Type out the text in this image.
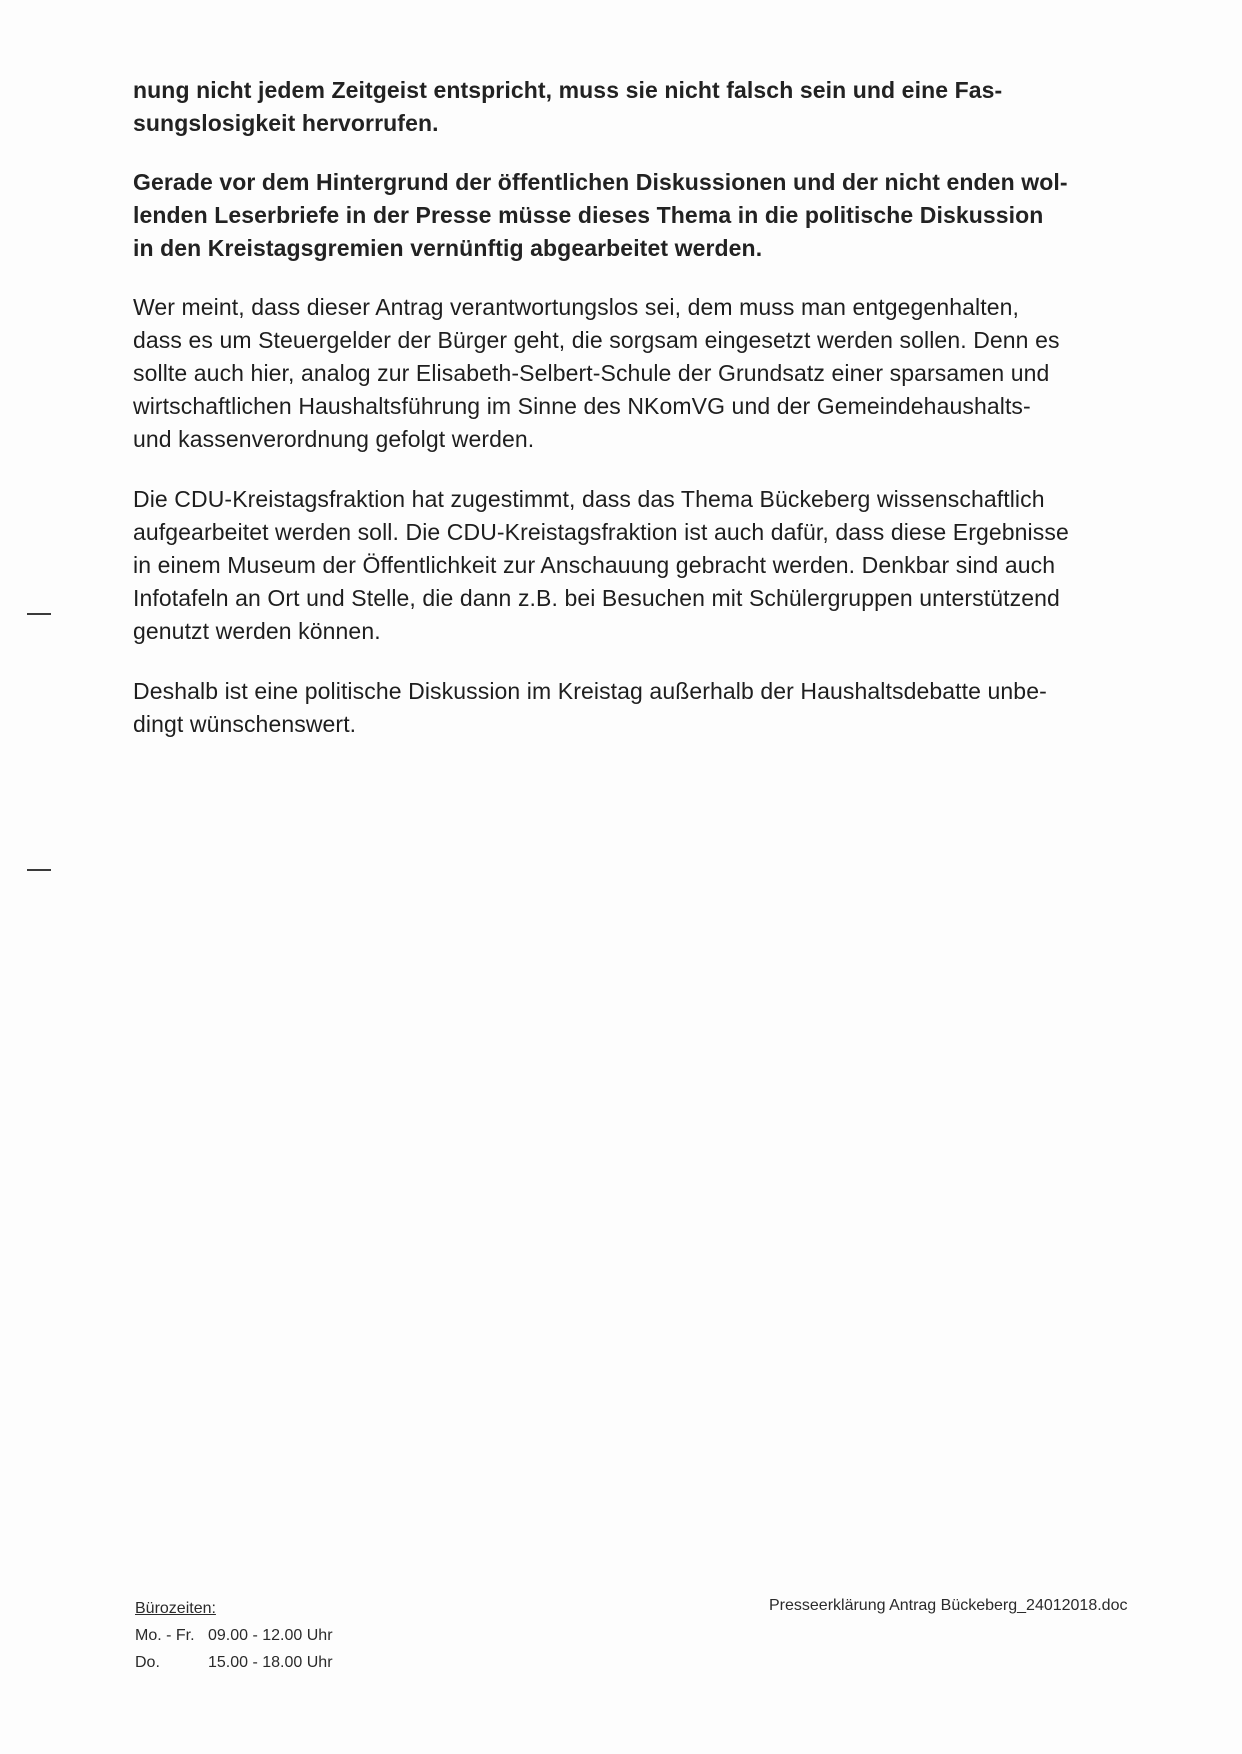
nung nicht jedem Zeitgeist entspricht, muss sie nicht falsch sein und eine Fas-
sungslosigkeit hervorrufen.

Gerade vor dem Hintergrund der öffentlichen Diskussionen und der nicht enden wol-
lenden Leserbriefe in der Presse müsse dieses Thema in die politische Diskussion
in den Kreistagsgremien vernünftig abgearbeitet werden.

Wer meint, dass dieser Antrag verantwortungslos sei, dem muss man entgegenhalten,
dass es um Steuergelder der Bürger geht, die sorgsam eingesetzt werden sollen. Denn es
sollte auch hier, analog zur Elisabeth-Selbert-Schule der Grundsatz einer sparsamen und
wirtschaftlichen Haushaltsführung im Sinne des NKomVG und der Gemeindehaushalts-
und kassenverordnung gefolgt werden.

Die CDU-Kreistagsfraktion hat zugestimmt, dass das Thema Bückeberg wissenschaftlich
aufgearbeitet werden soll. Die CDU-Kreistagsfraktion ist auch dafür, dass diese Ergebnisse
in einem Museum der Öffentlichkeit zur Anschauung gebracht werden. Denkbar sind auch
Infotafeln an Ort und Stelle, die dann z.B. bei Besuchen mit Schülergruppen unterstützend
genutzt werden können.

Deshalb ist eine politische Diskussion im Kreistag außerhalb der Haushaltsdebatte unbe-
dingt wünschenswert.

Bürozeiten:
Mo. - Fr. 09.00 - 12.00 Uhr
Do.	15.00 - 18.00 Uhr
Presseerklärung Antrag Bückeberg_24012018.doc
